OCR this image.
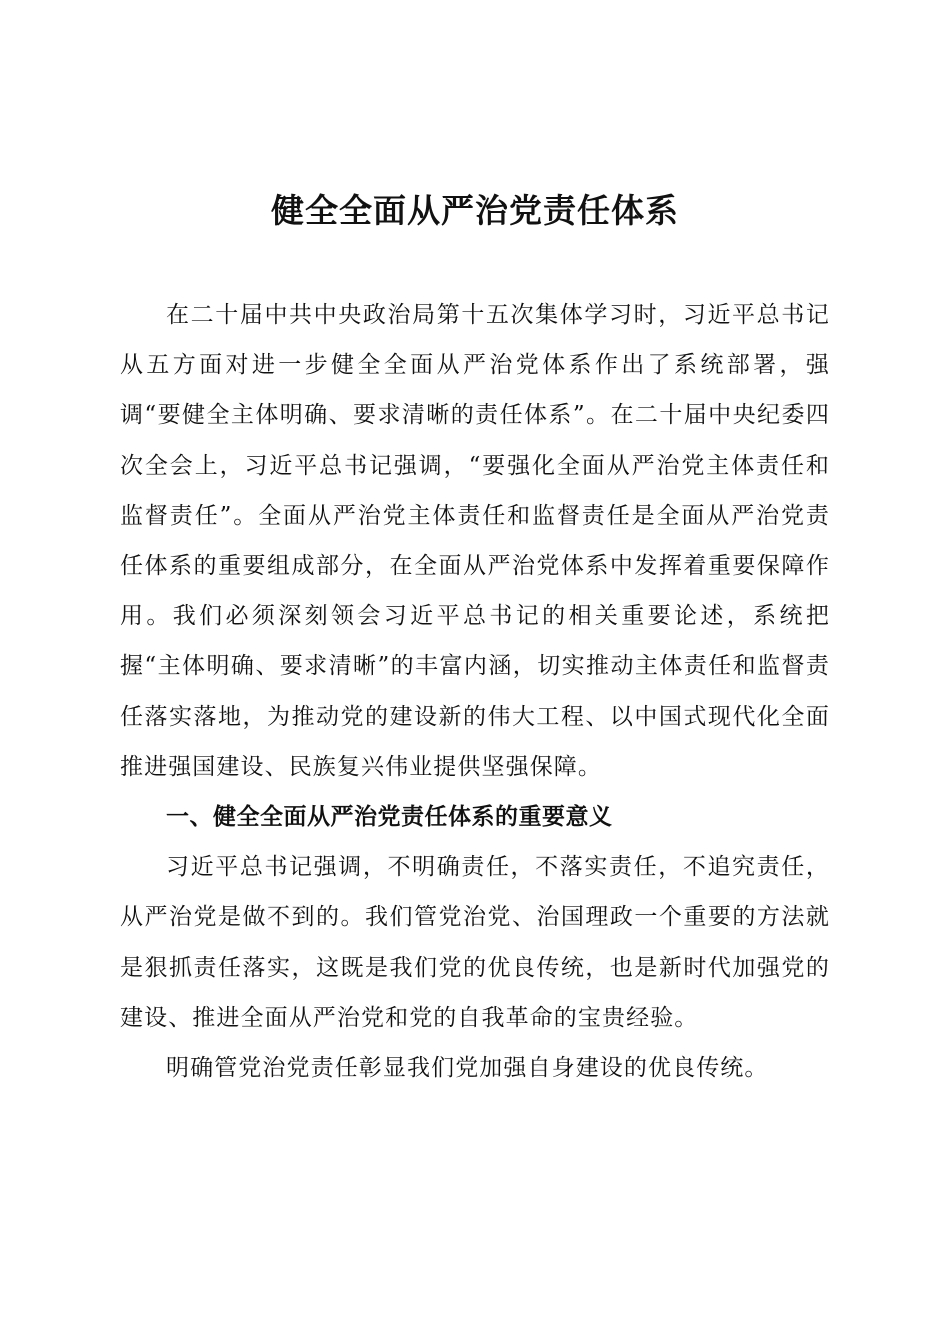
健全全面从严治党责任体系

在二十届中共中央政治局第十五次集体学习时，习近平总书记从五方面对进一步健全全面从严治党体系作出了系统部署，强调“要健全主体明确、要求清晰的责任体系”。在二十届中央纪委四次全会上，习近平总书记强调，“要强化全面从严治党主体责任和监督责任”。全面从严治党主体责任和监督责任是全面从严治党责任体系的重要组成部分，在全面从严治党体系中发挥着重要保障作用。我们必须深刻领会习近平总书记的相关重要论述，系统把握“主体明确、要求清晰”的丰富内涵，切实推动主体责任和监督责任落实落地，为推动党的建设新的伟大工程、以中国式现代化全面推进强国建设、民族复兴伟业提供坚强保障。

一、健全全面从严治党责任体系的重要意义

习近平总书记强调，不明确责任，不落实责任，不追究责任，从严治党是做不到的。我们管党治党、治国理政一个重要的方法就是狠抓责任落实，这既是我们党的优良传统，也是新时代加强党的建设、推进全面从严治党和党的自我革命的宝贵经验。

明确管党治党责任彰显我们党加强自身建设的优良传统。
